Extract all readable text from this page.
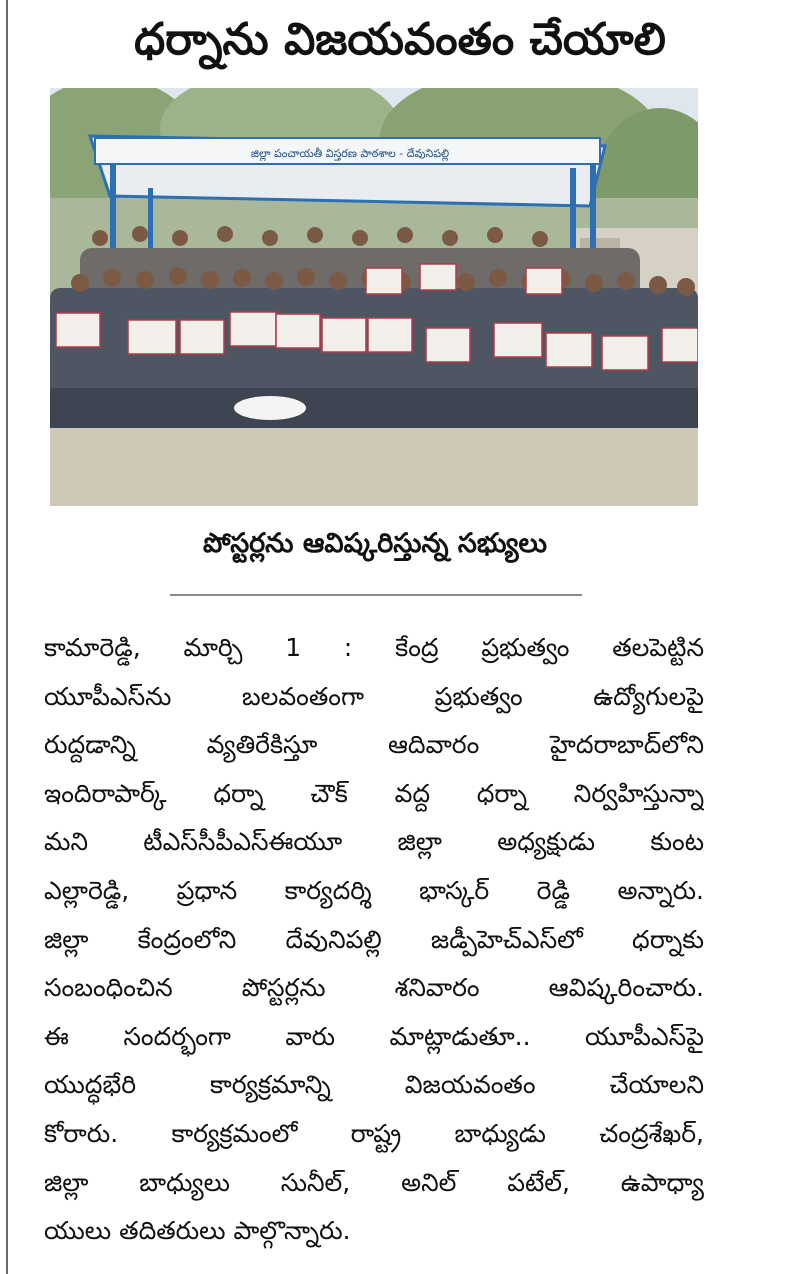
ధర్నాను విజయవంతం చేయాలి
జిల్లా పంచాయతీ విస్తరణ పాఠశాల - దేవునిపల్లి
పోస్టర్లను ఆవిష్కరిస్తున్న సభ్యులు
కామారెడ్డి, మార్చి 1 : కేంద్ర ప్రభుత్వం తలపెట్టిన
యూపీఎస్‌ను బలవంతంగా ప్రభుత్వం ఉద్యోగులపై
రుద్దడాన్ని వ్యతిరేకిస్తూ ఆదివారం హైదరాబాద్‌లోని
ఇందిరాపార్క్ ధర్నా చౌక్ వద్ద ధర్నా నిర్వహిస్తున్నా
మని టీఎస్‌సీపీఎస్ఈయూ జిల్లా అధ్యక్షుడు కుంట
ఎల్లారెడ్డి, ప్రధాన కార్యదర్శి భాస్కర్ రెడ్డి అన్నారు.
జిల్లా కేంద్రంలోని దేవునిపల్లి జడ్పీహెచ్‌ఎస్‌లో ధర్నాకు
సంబంధించిన పోస్టర్లను శనివారం ఆవిష్కరించారు.
ఈ సందర్భంగా వారు మాట్లాడుతూ.. యూపీఎస్‌పై
యుద్ధభేరి కార్యక్రమాన్ని విజయవంతం చేయాలని
కోరారు. కార్యక్రమంలో రాష్ట్ర బాధ్యుడు చంద్రశేఖర్,
జిల్లా బాధ్యులు సునీల్, అనిల్ పటేల్, ఉపాధ్యా
యులు తదితరులు పాల్గొన్నారు.
